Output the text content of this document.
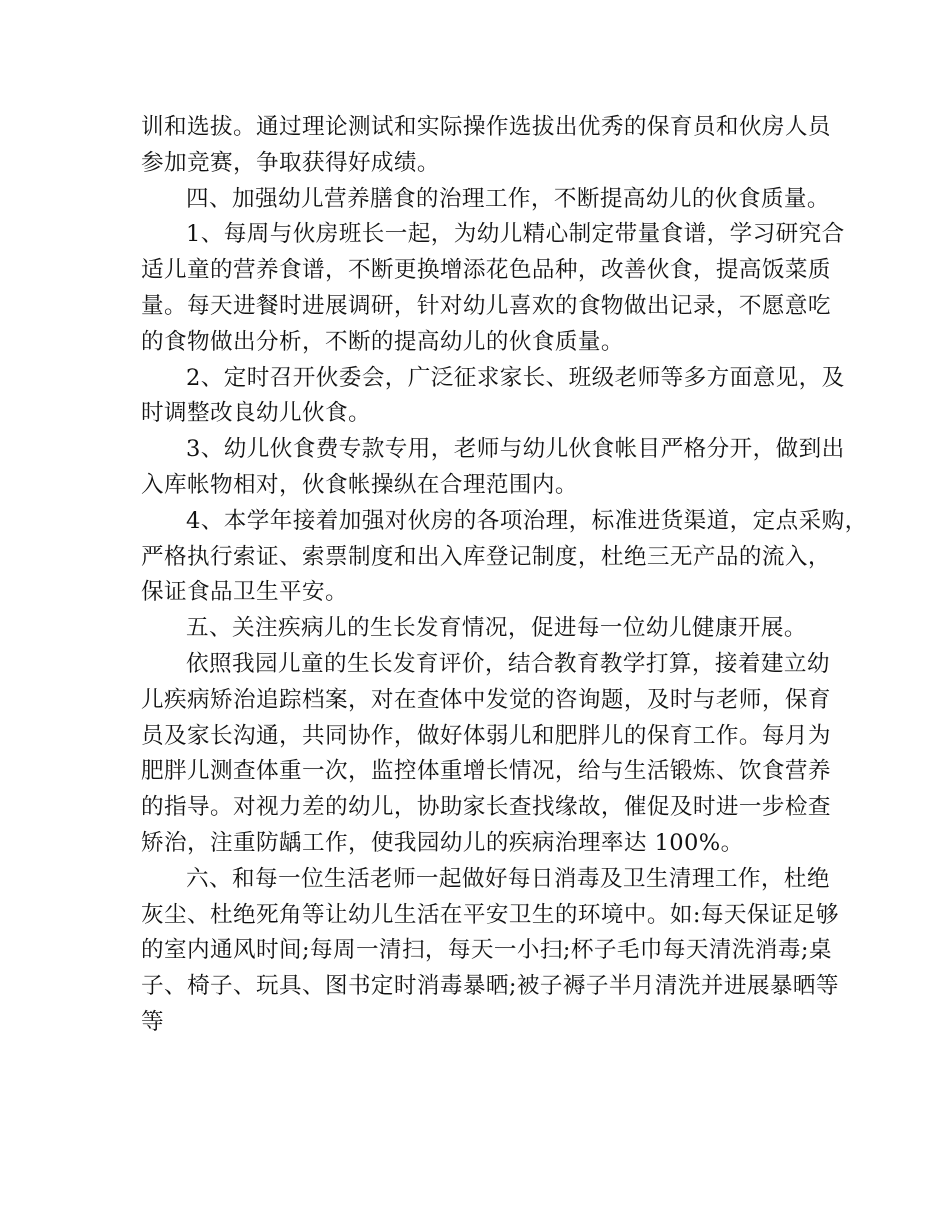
训和选拔。通过理论测试和实际操作选拔出优秀的保育员和伙房人员
参加竞赛，争取获得好成绩。
四、加强幼儿营养膳食的治理工作，不断提高幼儿的伙食质量。
1、每周与伙房班长一起，为幼儿精心制定带量食谱，学习研究合
适儿童的营养食谱，不断更换增添花色品种，改善伙食，提高饭菜质
量。每天进餐时进展调研，针对幼儿喜欢的食物做出记录，不愿意吃
的食物做出分析，不断的提高幼儿的伙食质量。
2、定时召开伙委会，广泛征求家长、班级老师等多方面意见，及
时调整改良幼儿伙食。
3、幼儿伙食费专款专用，老师与幼儿伙食帐目严格分开，做到出
入库帐物相对，伙食帐操纵在合理范围内。
4、本学年接着加强对伙房的各项治理，标准进货渠道，定点采购，
严格执行索证、索票制度和出入库登记制度，杜绝三无产品的流入，
保证食品卫生平安。
五、关注疾病儿的生长发育情况，促进每一位幼儿健康开展。
依照我园儿童的生长发育评价，结合教育教学打算，接着建立幼
儿疾病矫治追踪档案，对在查体中发觉的咨询题，及时与老师，保育
员及家长沟通，共同协作，做好体弱儿和肥胖儿的保育工作。每月为
肥胖儿测查体重一次，监控体重增长情况，给与生活锻炼、饮食营养
的指导。对视力差的幼儿，协助家长查找缘故，催促及时进一步检查
矫治，注重防龋工作，使我园幼儿的疾病治理率达 100%。
六、和每一位生活老师一起做好每日消毒及卫生清理工作，杜绝
灰尘、杜绝死角等让幼儿生活在平安卫生的环境中。如:每天保证足够
的室内通风时间;每周一清扫，每天一小扫;杯子毛巾每天清洗消毒;桌
子、椅子、玩具、图书定时消毒暴晒;被子褥子半月清洗并进展暴晒等
等
